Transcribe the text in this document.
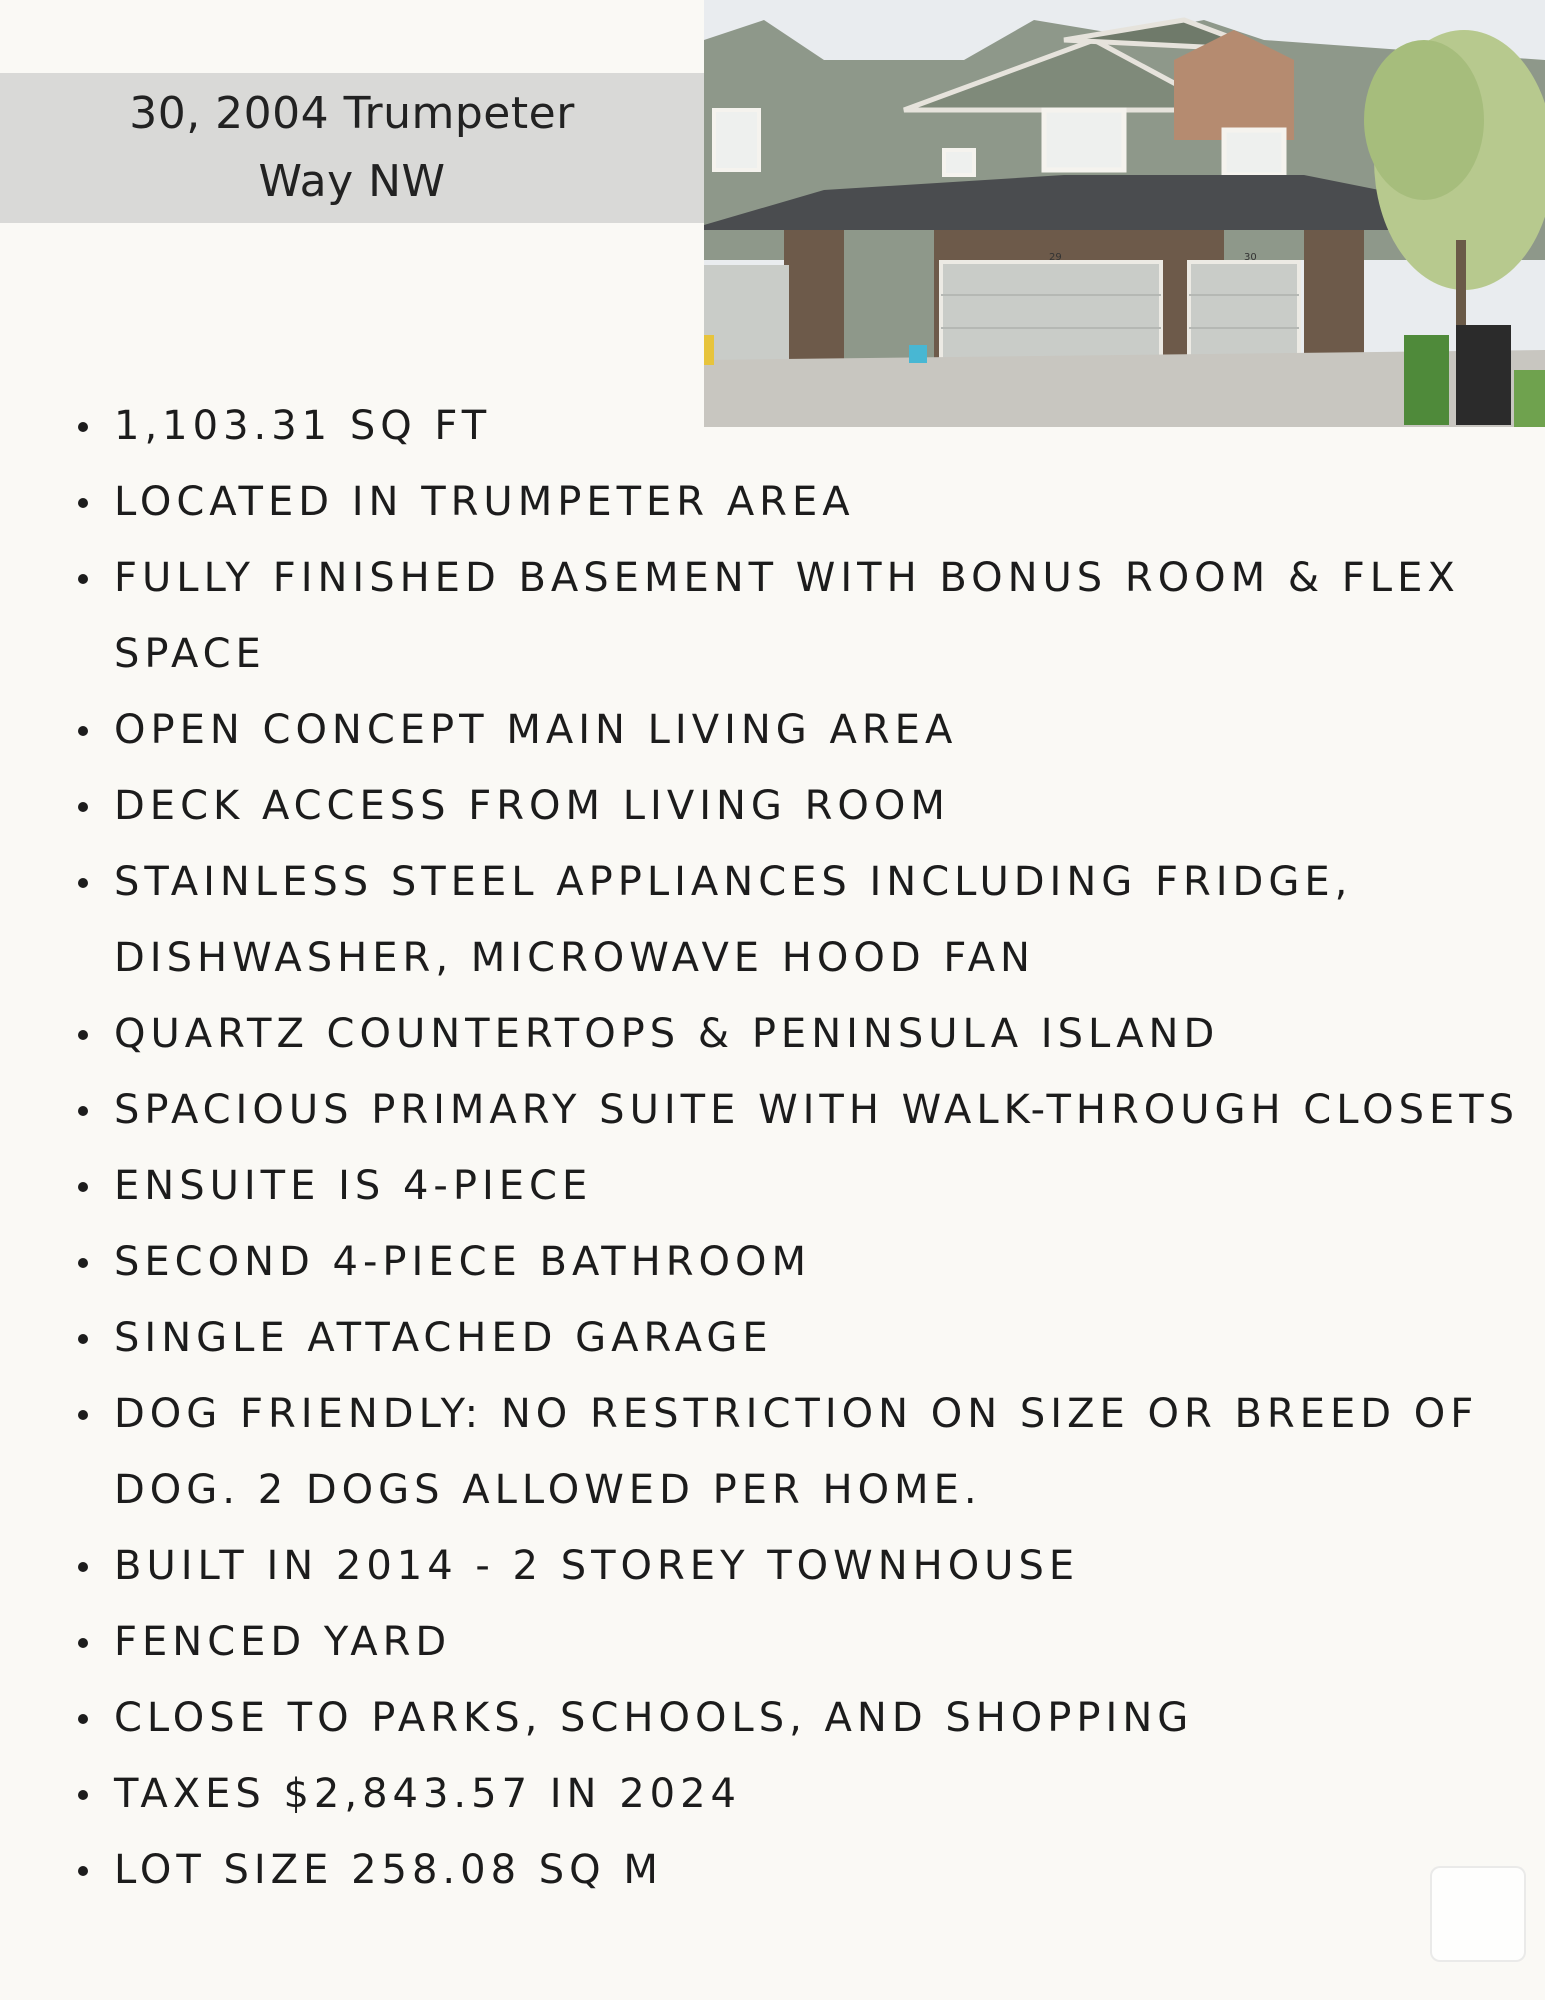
30, 2004 Trumpeter
Way NW
29	30
1,103.31 SQ FT
LOCATED IN TRUMPETER AREA
FULLY FINISHED BASEMENT WITH BONUS ROOM & FLEX SPACE
OPEN CONCEPT MAIN LIVING AREA
DECK ACCESS FROM LIVING ROOM
STAINLESS STEEL APPLIANCES INCLUDING FRIDGE, DISHWASHER, MICROWAVE HOOD FAN
QUARTZ COUNTERTOPS & PENINSULA ISLAND
SPACIOUS PRIMARY SUITE WITH WALK-THROUGH CLOSETS
ENSUITE IS 4-PIECE
SECOND 4-PIECE BATHROOM
SINGLE ATTACHED GARAGE
DOG FRIENDLY: NO RESTRICTION ON SIZE OR BREED OF DOG. 2 DOGS ALLOWED PER HOME.
BUILT IN 2014 - 2 STOREY TOWNHOUSE
FENCED YARD
CLOSE TO PARKS, SCHOOLS, AND SHOPPING
TAXES $2,843.57 IN 2024
LOT SIZE 258.08 SQ M
